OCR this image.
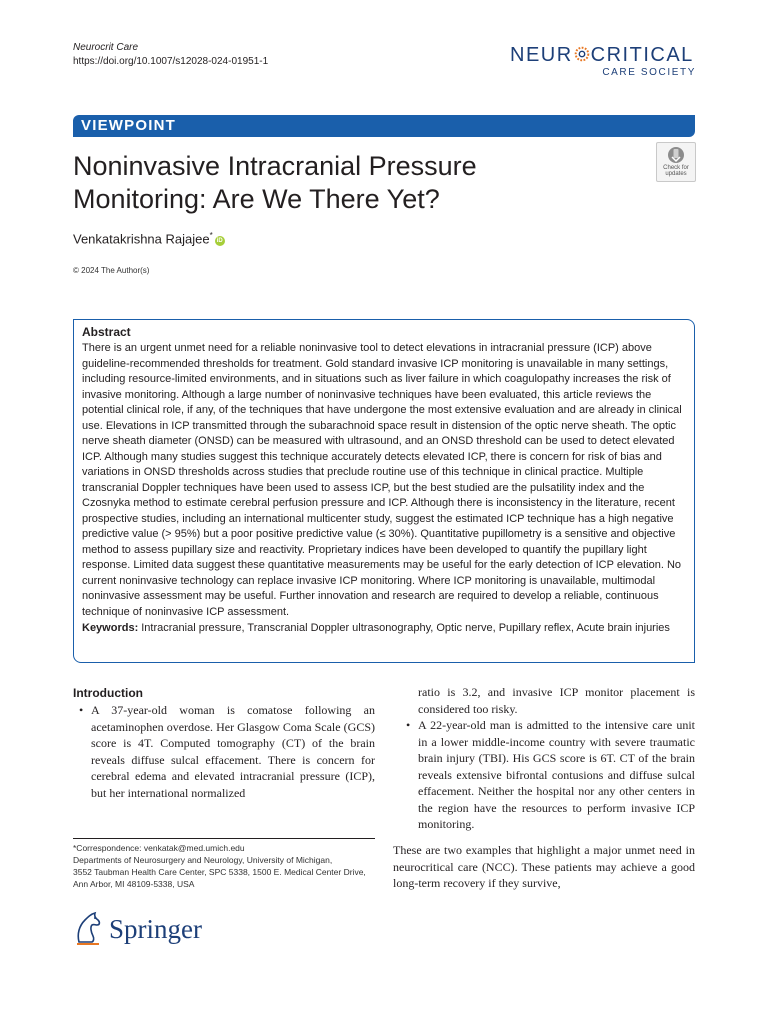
Neurocrit Care
https://doi.org/10.1007/s12028-024-01951-1	NEUR CRITICAL
CARE SOCIETY
VIEWPOINT
Noninvasive Intracranial Pressure
Monitoring: Are We There Yet?
Check for
updates
Venkatakrishna Rajajee*iD
© 2024 The Author(s)
Abstract
There is an urgent unmet need for a reliable noninvasive tool to detect elevations in intracranial pressure (ICP) above guideline-recommended thresholds for treatment. Gold standard invasive ICP monitoring is unavailable in many settings, including resource-limited environments, and in situations such as liver failure in which coagulopathy increases the risk of invasive monitoring. Although a large number of noninvasive techniques have been evaluated, this article reviews the potential clinical role, if any, of the techniques that have undergone the most extensive evaluation and are already in clinical use. Elevations in ICP transmitted through the subarachnoid space result in distension of the optic nerve sheath. The optic nerve sheath diameter (ONSD) can be measured with ultrasound, and an ONSD threshold can be used to detect elevated ICP. Although many studies suggest this technique accurately detects elevated ICP, there is concern for risk of bias and variations in ONSD thresholds across studies that preclude routine use of this technique in clinical practice. Multiple transcranial Doppler techniques have been used to assess ICP, but the best studied are the pulsatility index and the Czosnyka method to estimate cerebral perfusion pressure and ICP. Although there is inconsistency in the literature, recent prospective studies, including an international multicenter study, suggest the estimated ICP technique has a high negative predictive value (> 95%) but a poor positive predictive value (≤ 30%). Quantitative pupillometry is a sensitive and objective method to assess pupillary size and reactivity. Proprietary indices have been developed to quantify the pupillary light response. Limited data suggest these quantitative measurements may be useful for the early detection of ICP elevation. No current noninvasive technology can replace invasive ICP monitoring. Where ICP monitoring is unavailable, multimodal noninvasive assessment may be useful. Further innovation and research are required to develop a reliable, continuous technique of noninvasive ICP assessment.
Keywords: Intracranial pressure, Transcranial Doppler ultrasonography, Optic nerve, Pupillary reflex, Acute brain injuries
Introduction
• A 37-year-old woman is comatose following an acetaminophen overdose. Her Glasgow Coma Scale (GCS) score is 4T. Computed tomography (CT) of the brain reveals diffuse sulcal effacement. There is concern for cerebral edema and elevated intracranial pressure (ICP), but her international normalized
ratio is 3.2, and invasive ICP monitor placement is considered too risky.
• A 22-year-old man is admitted to the intensive care unit in a lower middle-income country with severe traumatic brain injury (TBI). His GCS score is 6T. CT of the brain reveals extensive bifrontal contusions and diffuse sulcal effacement. Neither the hospital nor any other centers in the region have the resources to perform invasive ICP monitoring.
These are two examples that highlight a major unmet need in neurocritical care (NCC). These patients may achieve a good long-term recovery if they survive,
*Correspondence: venkatak@med.umich.edu
Departments of Neurosurgery and Neurology, University of Michigan,
3552 Taubman Health Care Center, SPC 5338, 1500 E. Medical Center Drive,
Ann Arbor, MI 48109-5338, USA
Springer
